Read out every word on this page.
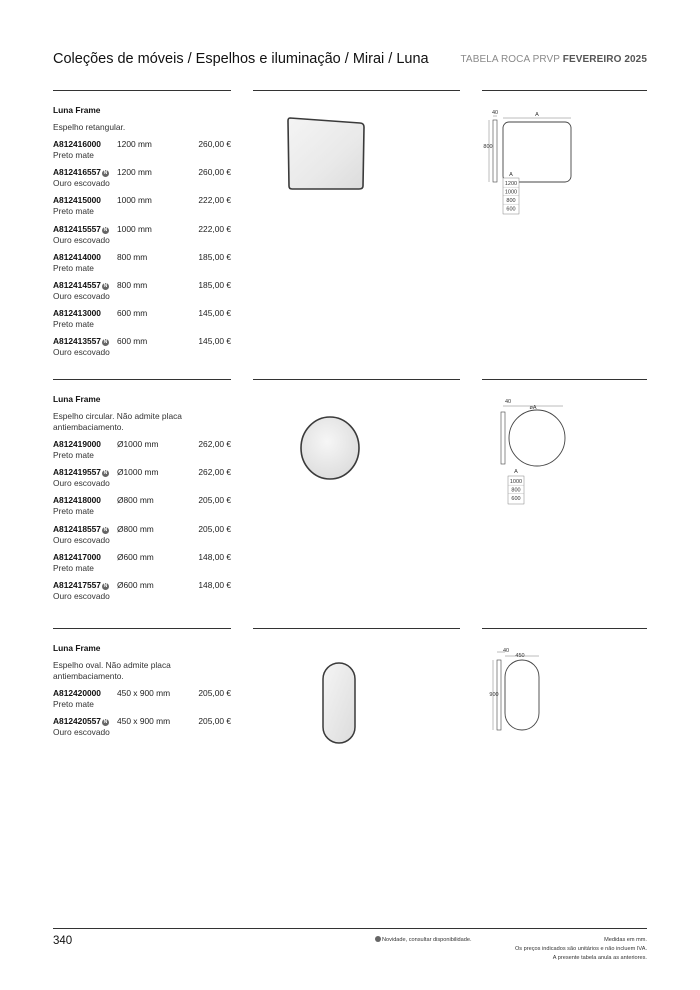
Coleções de móveis / Espelhos e iluminação / Mirai / Luna	TABELA ROCA PRVP FEVEREIRO 2025
Luna Frame
Espelho retangular.
A812416000 1200 mm	260,00 €
Preto mate
A812416557 N 1200 mm	260,00 €
Ouro escovado
A812415000 1000 mm	222,00 €
Preto mate
A812415557 N 1000 mm	222,00 €
Ouro escovado
A812414000 800 mm	185,00 €
Preto mate
A812414557 N 800 mm	185,00 €
Ouro escovado
A812413000 600 mm	145,00 €
Preto mate
A812413557 N 600 mm	145,00 €
Ouro escovado
Luna Frame
Espelho circular. Não admite placa antiembaciamento.
A812419000 Ø1000 mm	262,00 €
Preto mate
A812419557 N Ø1000 mm	262,00 €
Ouro escovado
A812418000 Ø800 mm	205,00 €
Preto mate
A812418557 N Ø800 mm	205,00 €
Ouro escovado
A812417000 Ø600 mm	148,00 €
Preto mate
A812417557 N Ø600 mm	148,00 €
Ouro escovado
Luna Frame
Espelho oval. Não admite placa antiembaciamento.
A812420000 450 x 900 mm	205,00 €
Preto mate
A812420557 N 450 x 900 mm	205,00 €
Ouro escovado
40	A
800
A
1200
1000
800
600
40
øA
A
1000
800
600
40
450
900
340	Novidade, consultar disponibilidade.	Medidas em mm.
Os preços indicados são unitários e não incluem IVA.
A presente tabela anula as anteriores.
